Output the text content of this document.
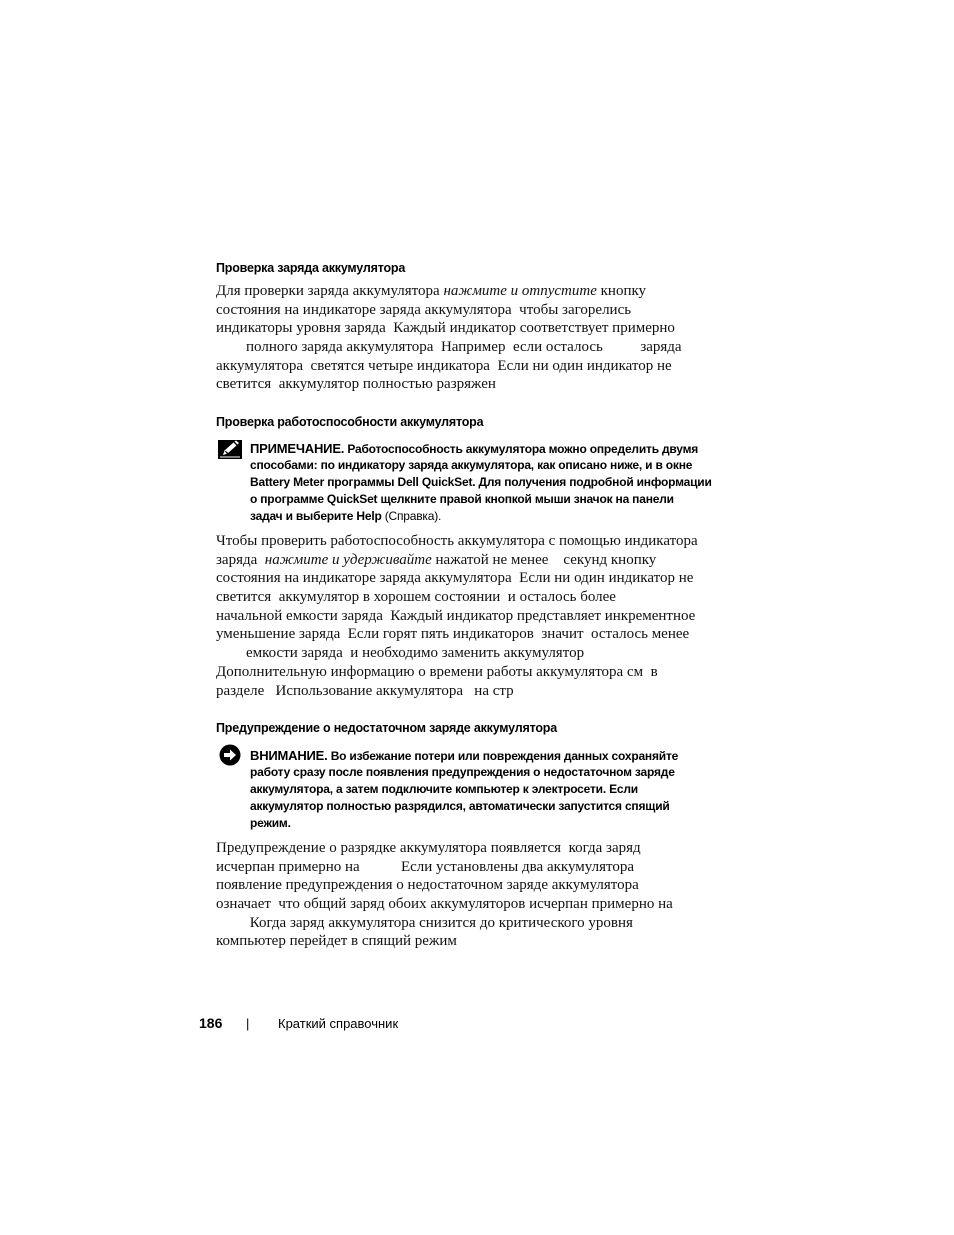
Проверка заряда аккумулятора
Для проверки заряда аккумулятора нажмите и отпустите кнопку
состояния на индикаторе заряда аккумулятора  чтобы загорелись
индикаторы уровня заряда  Каждый индикатор соответствует примерно
полного заряда аккумулятора  Например  если осталось          заряда
аккумулятора  светятся четыре индикатора  Если ни один индикатор не
светится  аккумулятор полностью разряжен
Проверка работоспособности аккумулятора
ПРИМЕЧАНИЕ. Работоспособность аккумулятора можно определить двумя
способами: по индикатору заряда аккумулятора, как описано ниже, и в окне
Battery Meter программы Dell QuickSet. Для получения подробной информации
о программе QuickSet щелкните правой кнопкой мыши значок на панели
задач и выберите Help (Справка).
Чтобы проверить работоспособность аккумулятора с помощью индикатора
заряда  нажмите и удерживайте нажатой не менее    секунд кнопку
состояния на индикаторе заряда аккумулятора  Если ни один индикатор не
светится  аккумулятор в хорошем состоянии  и осталось более
начальной емкости заряда  Каждый индикатор представляет инкрементное
уменьшение заряда  Если горят пять индикаторов  значит  осталось менее
емкости заряда  и необходимо заменить аккумулятор
Дополнительную информацию о времени работы аккумулятора см  в
разделе   Использование аккумулятора   на стр
Предупреждение о недостаточном заряде аккумулятора
ВНИМАНИЕ. Во избежание потери или повреждения данных сохраняйте
работу сразу после появления предупреждения о недостаточном заряде
аккумулятора, а затем подключите компьютер к электросети. Если
аккумулятор полностью разрядился, автоматически запустится спящий
режим.
Предупреждение о разрядке аккумулятора появляется  когда заряд
исчерпан примерно на           Если установлены два аккумулятора
появление предупреждения о недостаточном заряде аккумулятора
означает  что общий заряд обоих аккумуляторов исчерпан примерно на
Когда заряд аккумулятора снизится до критического уровня
компьютер перейдет в спящий режим
186 | Краткий справочник
